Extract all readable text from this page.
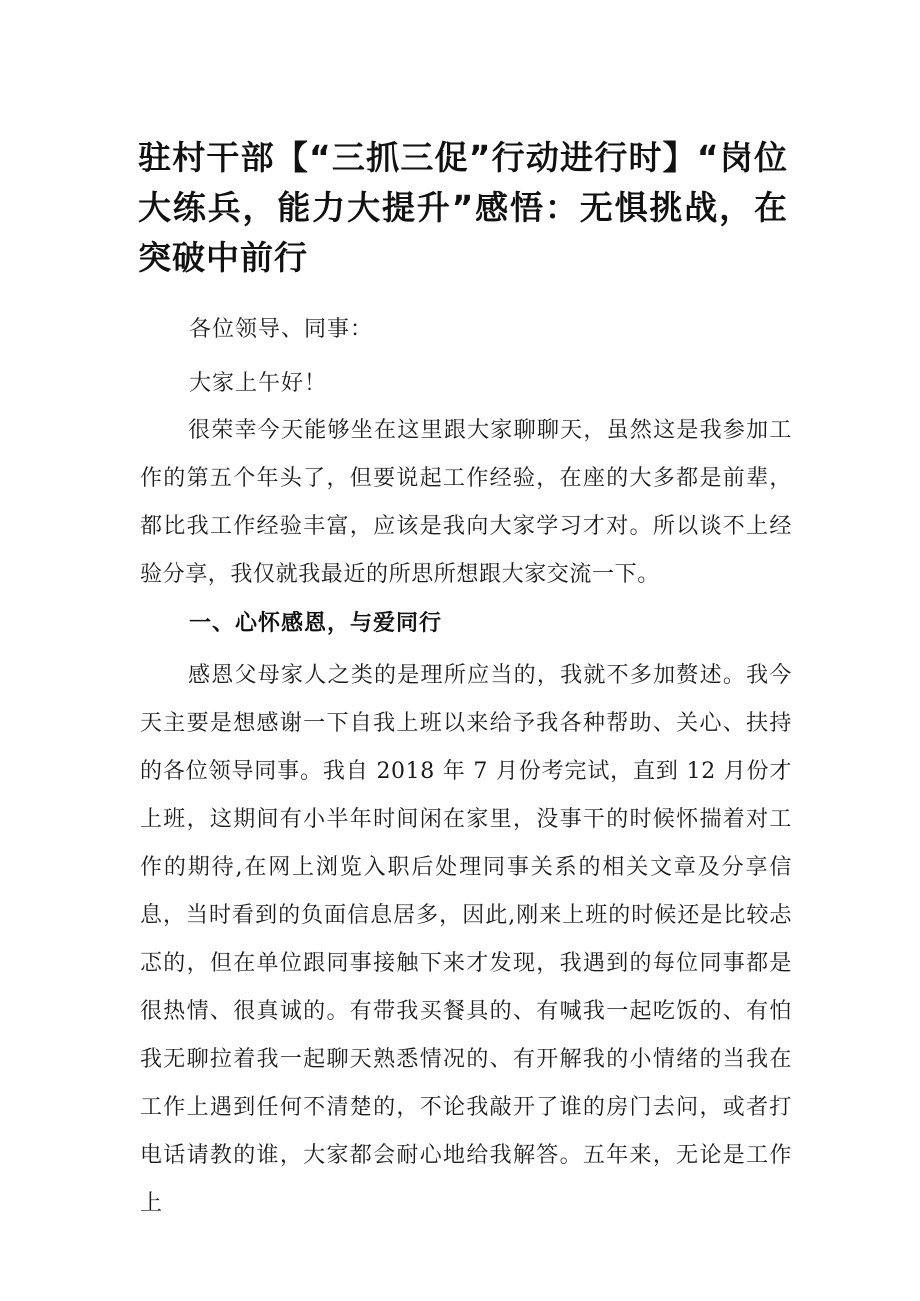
驻村干部【“三抓三促”行动进行时】“岗位大练兵，能力大提升”感悟：无惧挑战，在突破中前行

各位领导、同事：

大家上午好！

很荣幸今天能够坐在这里跟大家聊聊天，虽然这是我参加工作的第五个年头了，但要说起工作经验，在座的大多都是前辈，都比我工作经验丰富，应该是我向大家学习才对。所以谈不上经验分享，我仅就我最近的所思所想跟大家交流一下。

一、心怀感恩，与爱同行

感恩父母家人之类的是理所应当的，我就不多加赘述。我今天主要是想感谢一下自我上班以来给予我各种帮助、关心、扶持的各位领导同事。我自 2018 年 7 月份考完试，直到 12 月份才上班，这期间有小半年时间闲在家里，没事干的时候怀揣着对工作的期待,在网上浏览入职后处理同事关系的相关文章及分享信息，当时看到的负面信息居多，因此,刚来上班的时候还是比较忐忑的，但在单位跟同事接触下来才发现，我遇到的每位同事都是很热情、很真诚的。有带我买餐具的、有喊我一起吃饭的、有怕我无聊拉着我一起聊天熟悉情况的、有开解我的小情绪的当我在工作上遇到任何不清楚的，不论我敲开了谁的房门去问，或者打电话请教的谁，大家都会耐心地给我解答。五年来，无论是工作上
